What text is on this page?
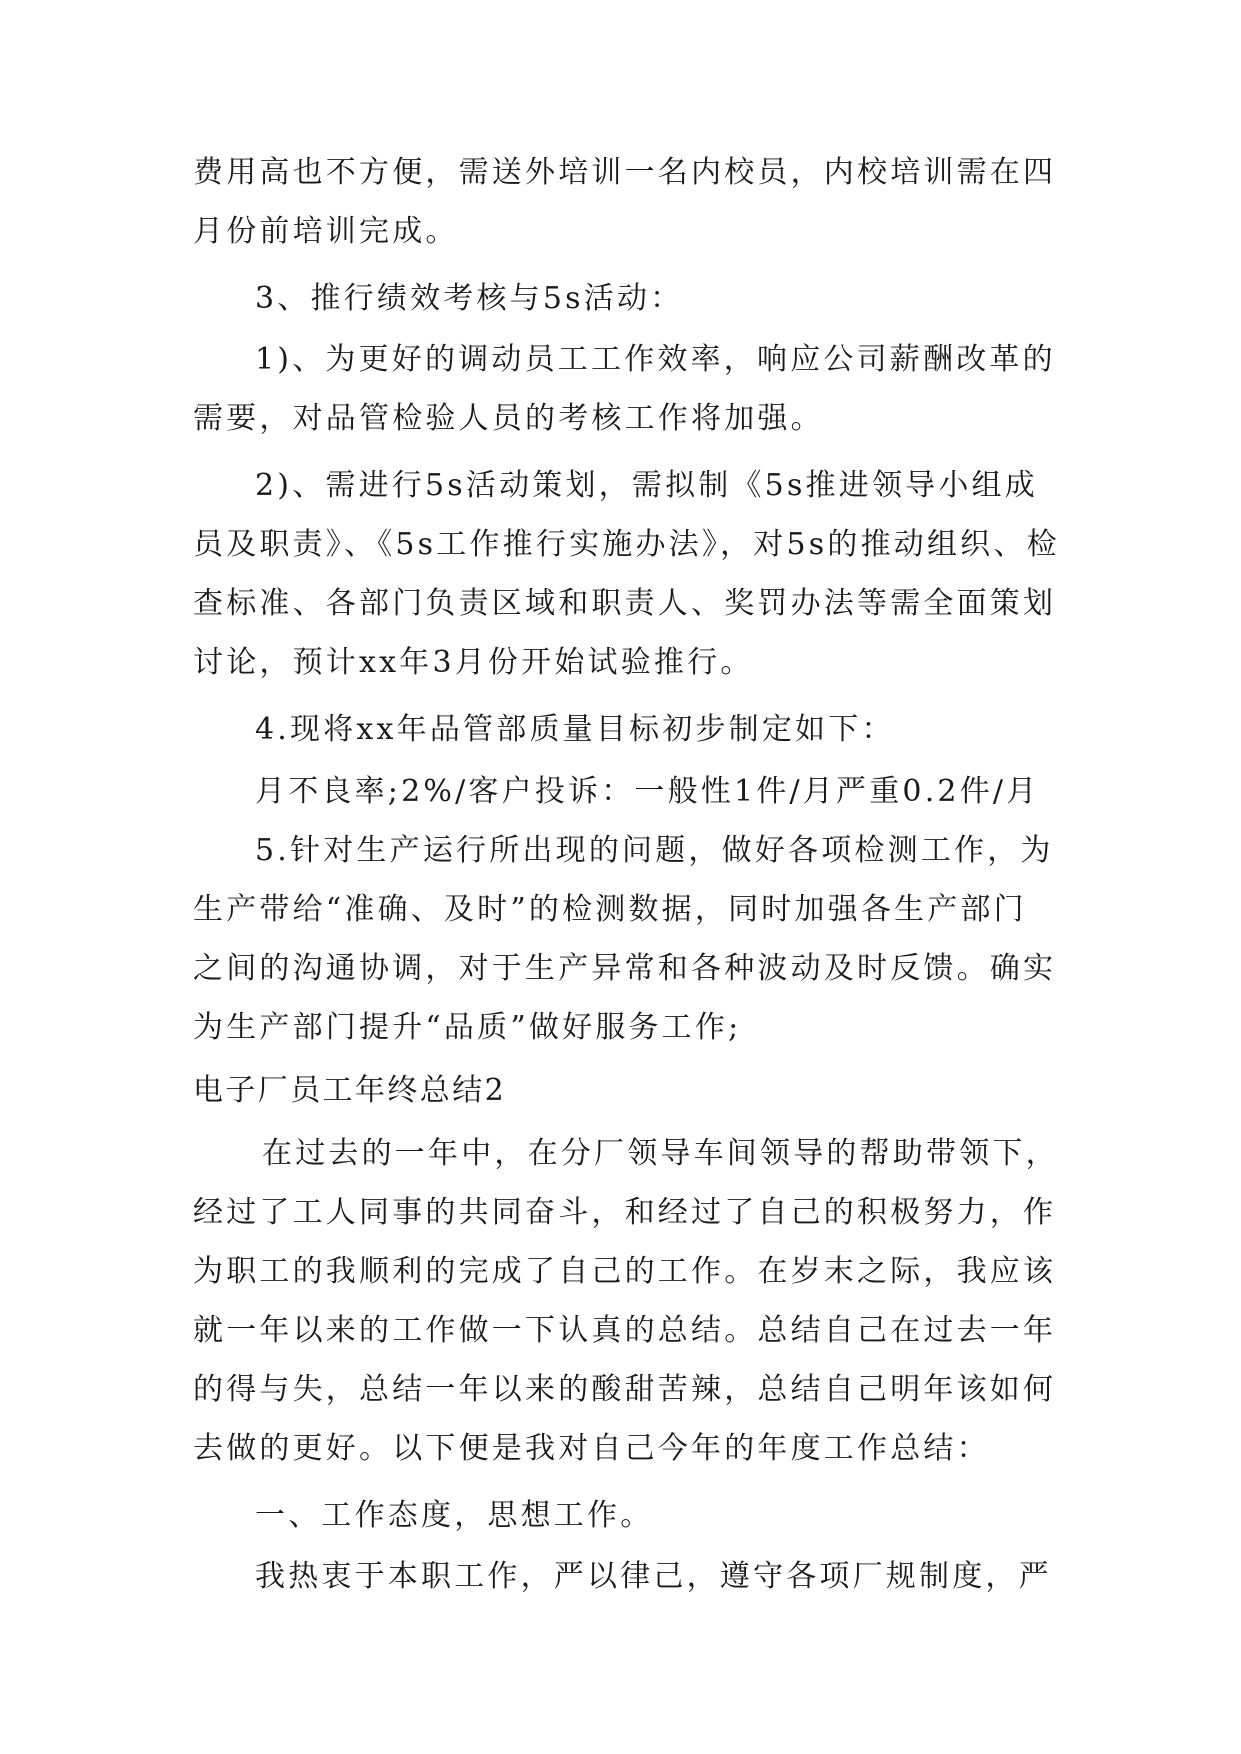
费用高也不方便，需送外培训一名内校员，内校培训需在四
月份前培训完成。
3、推行绩效考核与5s活动：
1)、为更好的调动员工工作效率，响应公司薪酬改革的
需要，对品管检验人员的考核工作将加强。
2)、需进行5s活动策划，需拟制《5s推进领导小组成
员及职责》、《5s工作推行实施办法》，对5s的推动组织、检
查标准、各部门负责区域和职责人、奖罚办法等需全面策划
讨论，预计xx年3月份开始试验推行。
4.现将xx年品管部质量目标初步制定如下：
月不良率;2%/客户投诉：一般性1件/月严重0.2件/月
5.针对生产运行所出现的问题，做好各项检测工作，为
生产带给“准确、及时”的检测数据，同时加强各生产部门
之间的沟通协调，对于生产异常和各种波动及时反馈。确实
为生产部门提升“品质”做好服务工作;
电子厂员工年终总结2
在过去的一年中，在分厂领导车间领导的帮助带领下，
经过了工人同事的共同奋斗，和经过了自己的积极努力，作
为职工的我顺利的完成了自己的工作。在岁末之际，我应该
就一年以来的工作做一下认真的总结。总结自己在过去一年
的得与失，总结一年以来的酸甜苦辣，总结自己明年该如何
去做的更好。以下便是我对自己今年的年度工作总结：
一、工作态度，思想工作。
我热衷于本职工作，严以律己，遵守各项厂规制度，严
